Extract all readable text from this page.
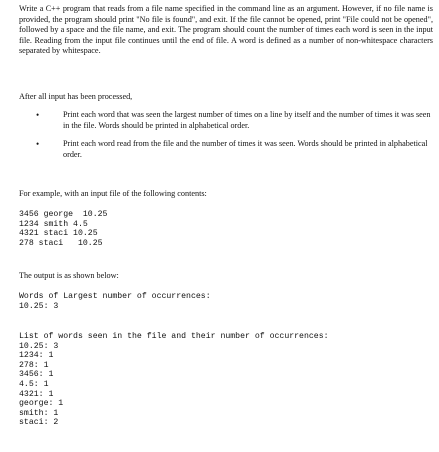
Write a C++ program that reads from a file name specified in the command line as an argument. However, if no file name is provided, the program should print "No file is found", and exit. If the file cannot be opened, print "File could not be opened", followed by a space and the file name, and exit. The program should count the number of times each word is seen in the input file. Reading from the input file continues until the end of file. A word is defined as a number of non-whitespace characters separated by whitespace.

After all input has been processed,

•	Print each word that was seen the largest number of times on a line by itself and the number of times it was seen in the file. Words should be printed in alphabetical order.
•	Print each word read from the file and the number of times it was seen. Words should be printed in alphabetical order.

For example, with an input file of the following contents:

3456 george  10.25
1234 smith 4.5
4321 staci 10.25
278 staci   10.25

The output is as shown below:

Words of Largest number of occurrences:
10.25: 3
List of words seen in the file and their number of occurrences:
10.25: 3
1234: 1
278: 1
3456: 1
4.5: 1
4321: 1
george: 1
smith: 1
staci: 2
